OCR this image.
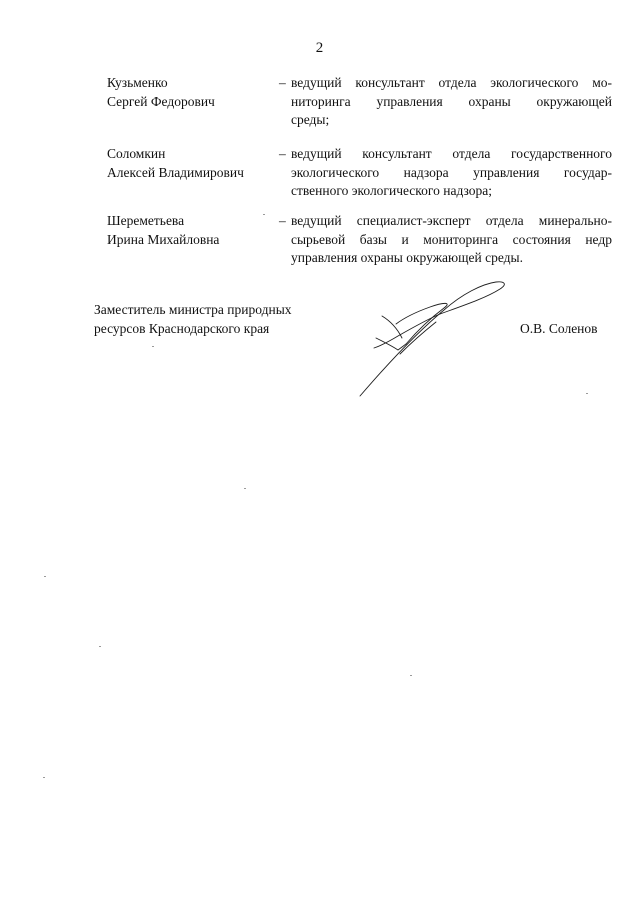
2
Кузьменко
Сергей Федорович
– ведущий консультант отдела экологического мо-
ниторинга управления охраны окружающей
среды;
Соломкин
Алексей Владимирович
– ведущий консультант отдела государственного
экологического надзора управления государ-
ственного экологического надзора;
Шереметьева
Ирина Михайловна
– ведущий специалист-эксперт отдела минерально-
сырьевой базы и мониторинга состояния недр
управления охраны окружающей среды.
Заместитель министра природных
ресурсов Краснодарского края	О.В. Соленов
